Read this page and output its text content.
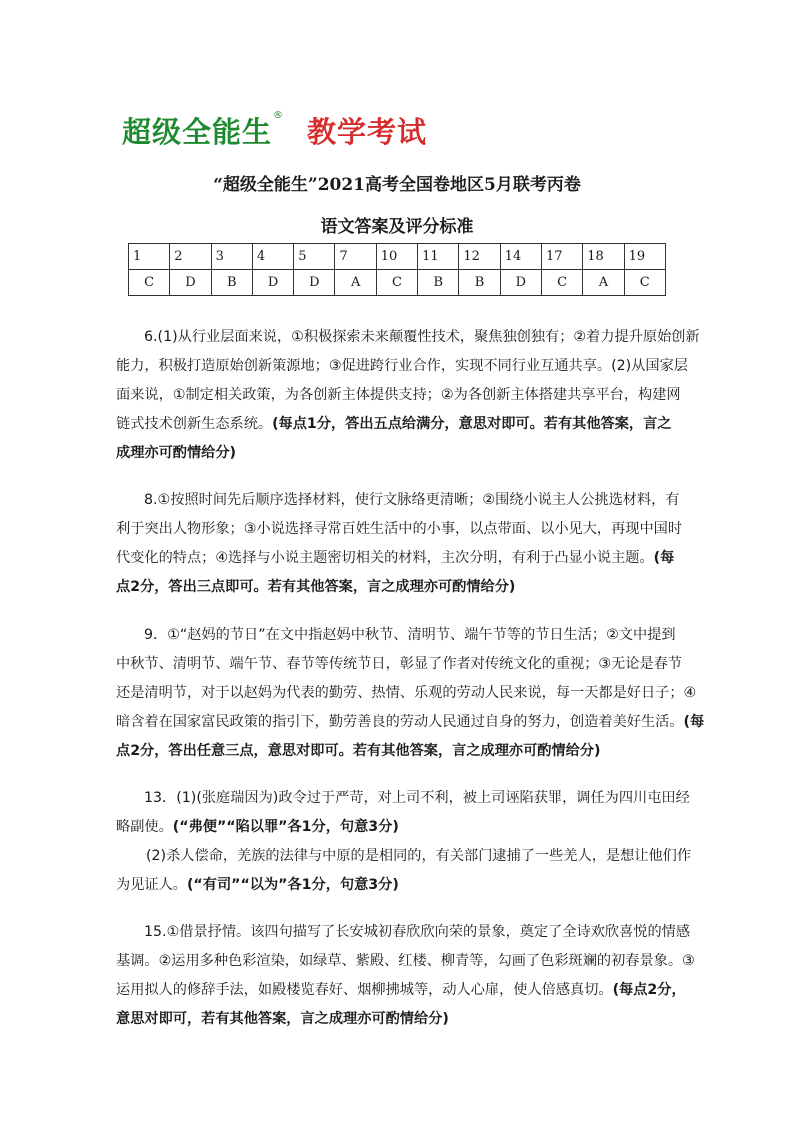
超级全能生 ® 教学考试
“超级全能生”2021高考全国卷地区5月联考丙卷
语文答案及评分标准
1	2	3	4	5	7	10	11	12	14	17	18	19
C	D	B	D	D	A	C	B	B	D	C	A	C
6.(1)从行业层面来说，①积极探索未来颠覆性技术，聚焦独创独有；②着力提升原始创新
能力，积极打造原始创新策源地；③促进跨行业合作，实现不同行业互通共享。(2)从国家层
面来说，①制定相关政策，为各创新主体提供支持；②为各创新主体搭建共享平台，构建网
链式技术创新生态系统。(每点1分，答出五点给满分，意思对即可。若有其他答案，言之
成理亦可酌情给分)
8.①按照时间先后顺序选择材料，使行文脉络更清晰；②围绕小说主人公挑选材料，有
利于突出人物形象；③小说选择寻常百姓生活中的小事，以点带面、以小见大，再现中国时
代变化的特点；④选择与小说主题密切相关的材料，主次分明，有利于凸显小说主题。(每
点2分，答出三点即可。若有其他答案，言之成理亦可酌情给分)
9．①“赵妈的节日”在文中指赵妈中秋节、清明节、端午节等的节日生活；②文中提到
中秋节、清明节、端午节、春节等传统节日，彰显了作者对传统文化的重视；③无论是春节
还是清明节，对于以赵妈为代表的勤劳、热情、乐观的劳动人民来说，每一天都是好日子；④
暗含着在国家富民政策的指引下，勤劳善良的劳动人民通过自身的努力，创造着美好生活。(每
点2分，答出任意三点，意思对即可。若有其他答案，言之成理亦可酌情给分)
13．(1)(张庭瑞因为)政令过于严苛，对上司不利，被上司诬陷获罪，调任为四川屯田经
略副使。(“弗便”“陷以罪”各1分，句意3分)
(2)杀人偿命，羌族的法律与中原的是相同的，有关部门逮捕了一些羌人，是想让他们作
为见证人。(“有司”“以为”各1分，句意3分)
15.①借景抒情。该四句描写了长安城初春欣欣向荣的景象，奠定了全诗欢欣喜悦的情感
基调。②运用多种色彩渲染，如绿草、紫殿、红楼、柳青等，勾画了色彩斑斓的初春景象。③
运用拟人的修辞手法，如殿楼览春好、烟柳拂城等，动人心扉，使人倍感真切。(每点2分，
意思对即可，若有其他答案，言之成理亦可酌情给分)
